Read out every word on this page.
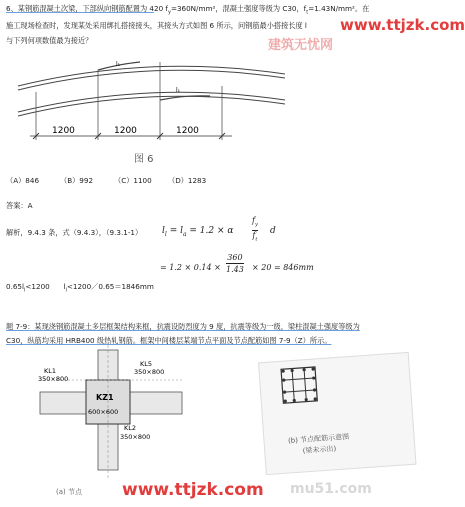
6、某钢筋混凝土次梁，下部纵向钢筋配置为 420 $f_y=360N$/mm²，混凝土强度等级为 C30，$f_t=1.43N$/mm²。在
施工现场检查时，发现某处采用绑扎搭接接头，其接头方式如图 6 所示，问钢筋最小搭接长度 l
与下列何项数值最为接近？
www.ttjzk.com
建筑无忧网
l₁
l₁
1200	1200	1200
图 6
KL1
350×800
KL5
350×800
KZ1
600×600
KL2
350×800
(a) 节点
(b) 节点配筋示意图
(梁未示出)
（A）846	（B）992	（C）1100 （D）1283
答案：A
解析，9.4.3 条，式（9.4.3），（9.3.1-1） $l_l = l_a = 1.2 \times \alpha$
$f_y$
$f_t$
d
= 1.2 × 0.14 ×
360
1.43 × 20 = 846mm
$0.65l_l<1200$ $l_l<1200/0.65=1846mm$
题 7-9：某现浇钢筋混凝土多层框架结构来框，抗震设防烈度为 9 度，抗震等级为一级，梁柱混凝土强度等级为
C30，纵筋均采用 HRB400 级热轧钢筋。框架中间楼层某端节点平面及节点配筋如图 7-9（Z）所示。
www.ttjzk.com mu51.com
